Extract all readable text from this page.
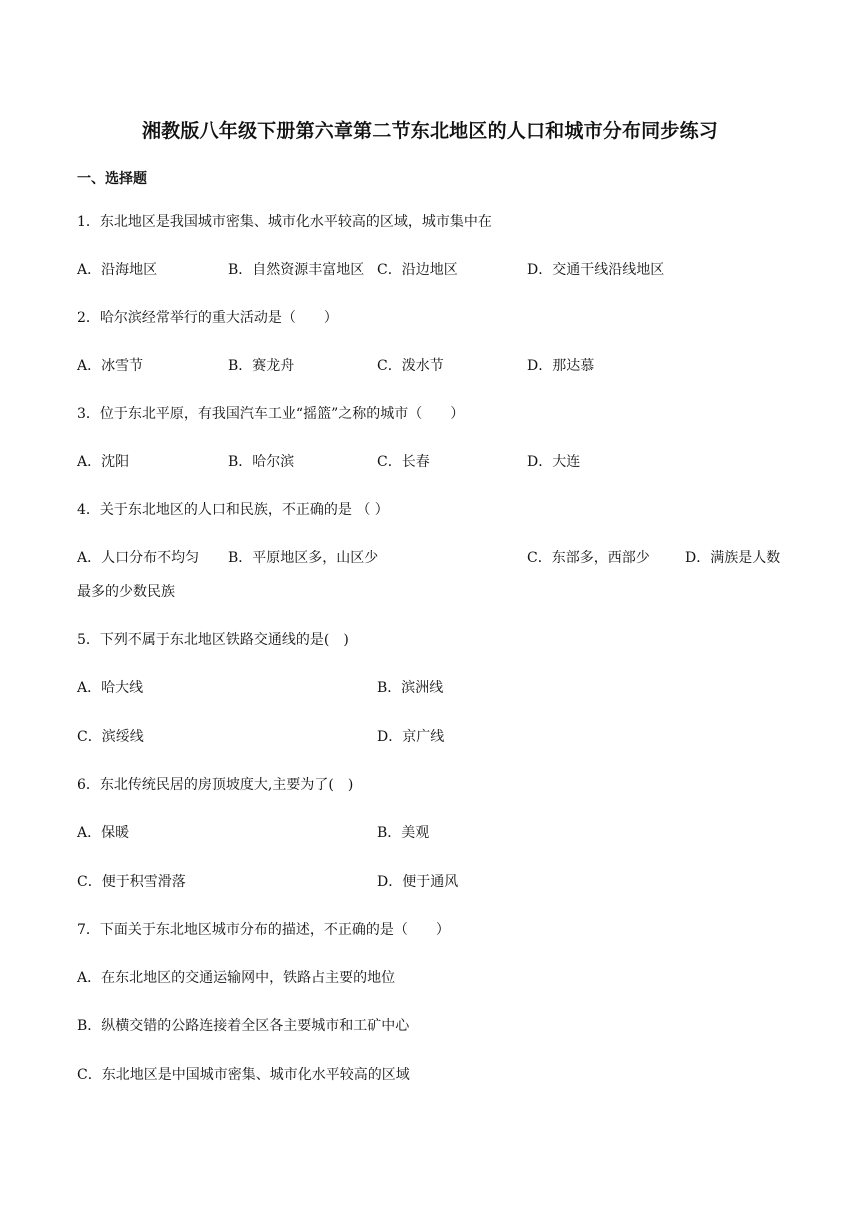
湘教版八年级下册第六章第二节东北地区的人口和城市分布同步练习
一、选择题
1．东北地区是我国城市密集、城市化水平较高的区域，城市集中在
A．沿海地区	B．自然资源丰富地区 C．沿边地区	D．交通干线沿线地区
2．哈尔滨经常举行的重大活动是（　　）
A．冰雪节	B．赛龙舟	C．泼水节	D．那达慕
3．位于东北平原，有我国汽车工业“摇篮”之称的城市（　　）
A．沈阳	B．哈尔滨	C．长春	D．大连
4．关于东北地区的人口和民族，不正确的是 （ ）
A．人口分布不均匀 B．平原地区多，山区少	C．东部多，西部少	D．满族是人数
最多的少数民族
5．下列不属于东北地区铁路交通线的是(　)
A．哈大线	B．滨洲线
C．滨绥线	D．京广线
6．东北传统民居的房顶坡度大,主要为了(　)
A．保暖	B．美观
C．便于积雪滑落	D．便于通风
7．下面关于东北地区城市分布的描述，不正确的是（　　）
A．在东北地区的交通运输网中，铁路占主要的地位
B．纵横交错的公路连接着全区各主要城市和工矿中心
C．东北地区是中国城市密集、城市化水平较高的区域
